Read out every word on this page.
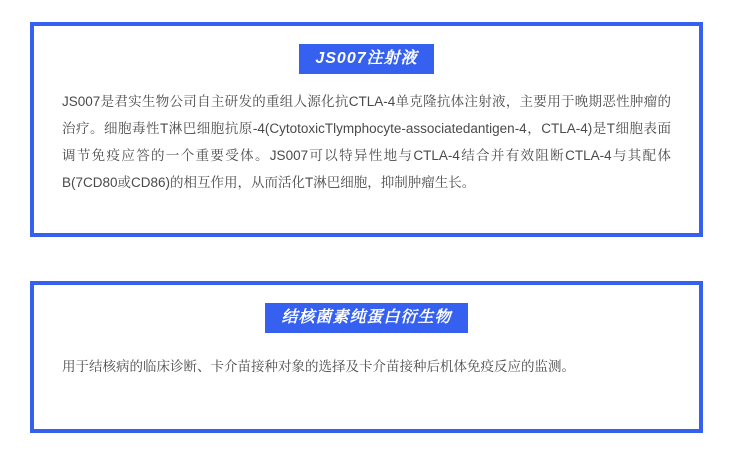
JS007注射液

JS007是君实生物公司自主研发的重组人源化抗CTLA-4单克隆抗体注射液，主要用于晚期恶性肿瘤的治疗。细胞毒性T淋巴细胞抗原-4(CytotoxicTlymphocyte-associatedantigen-4，CTLA-4)是T细胞表面调节免疫应答的一个重要受体。JS007可以特异性地与CTLA-4结合并有效阻断CTLA-4与其配体B(7CD80或CD86)的相互作用，从而活化T淋巴细胞，抑制肿瘤生长。

结核菌素纯蛋白衍生物

用于结核病的临床诊断、卡介苗接种对象的选择及卡介苗接种后机体免疫反应的监测。
